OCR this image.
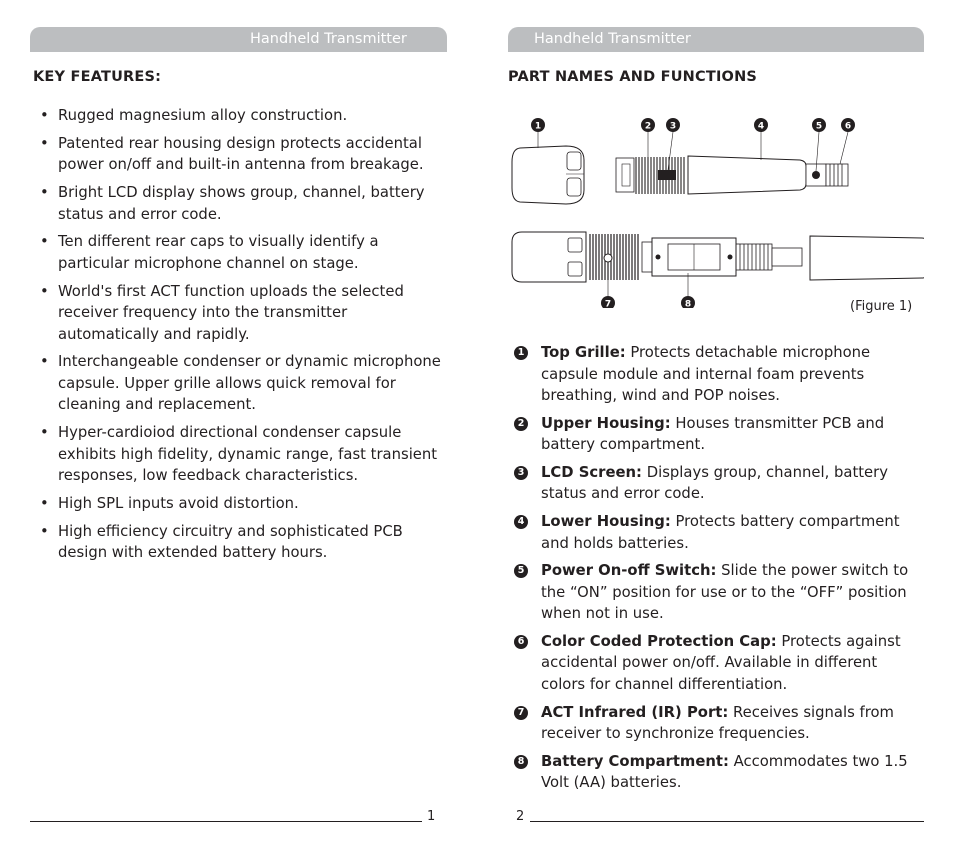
Handheld Transmitter
KEY FEATURES:
• Rugged magnesium alloy construction.
• Patented rear housing design protects accidental power on/off and built-in antenna from breakage.
• Bright LCD display shows group, channel, battery status and error code.
• Ten different rear caps to visually identify a particular microphone channel on stage.
• World's first ACT function uploads the selected receiver frequency into the transmitter automatically and rapidly.
• Interchangeable condenser or dynamic microphone capsule. Upper grille allows quick removal for cleaning and replacement.
• Hyper-cardioiod directional condenser capsule exhibits high fidelity, dynamic range, fast transient responses, low feedback characteristics.
• High SPL inputs avoid distortion.
• High efficiency circuitry and sophisticated PCB design with extended battery hours.
1
Handheld Transmitter
PART NAMES AND FUNCTIONS
1	2 3	4	5	6
7	8	(Figure 1)
1 Top Grille: Protects detachable microphone capsule module and internal foam prevents breathing, wind and POP noises.
2 Upper Housing: Houses transmitter PCB and battery compartment.
3 LCD Screen: Displays group, channel, battery status and error code.
4 Lower Housing: Protects battery compartment and holds batteries.
5 Power On-off Switch: Slide the power switch to the “ON” position for use or to the “OFF” position when not in use.
6 Color Coded Protection Cap: Protects against accidental power on/off. Available in different colors for channel differentiation.
7 ACT Infrared (IR) Port: Receives signals from receiver to synchronize frequencies.
8 Battery Compartment: Accommodates two 1.5 Volt (AA) batteries.
2
